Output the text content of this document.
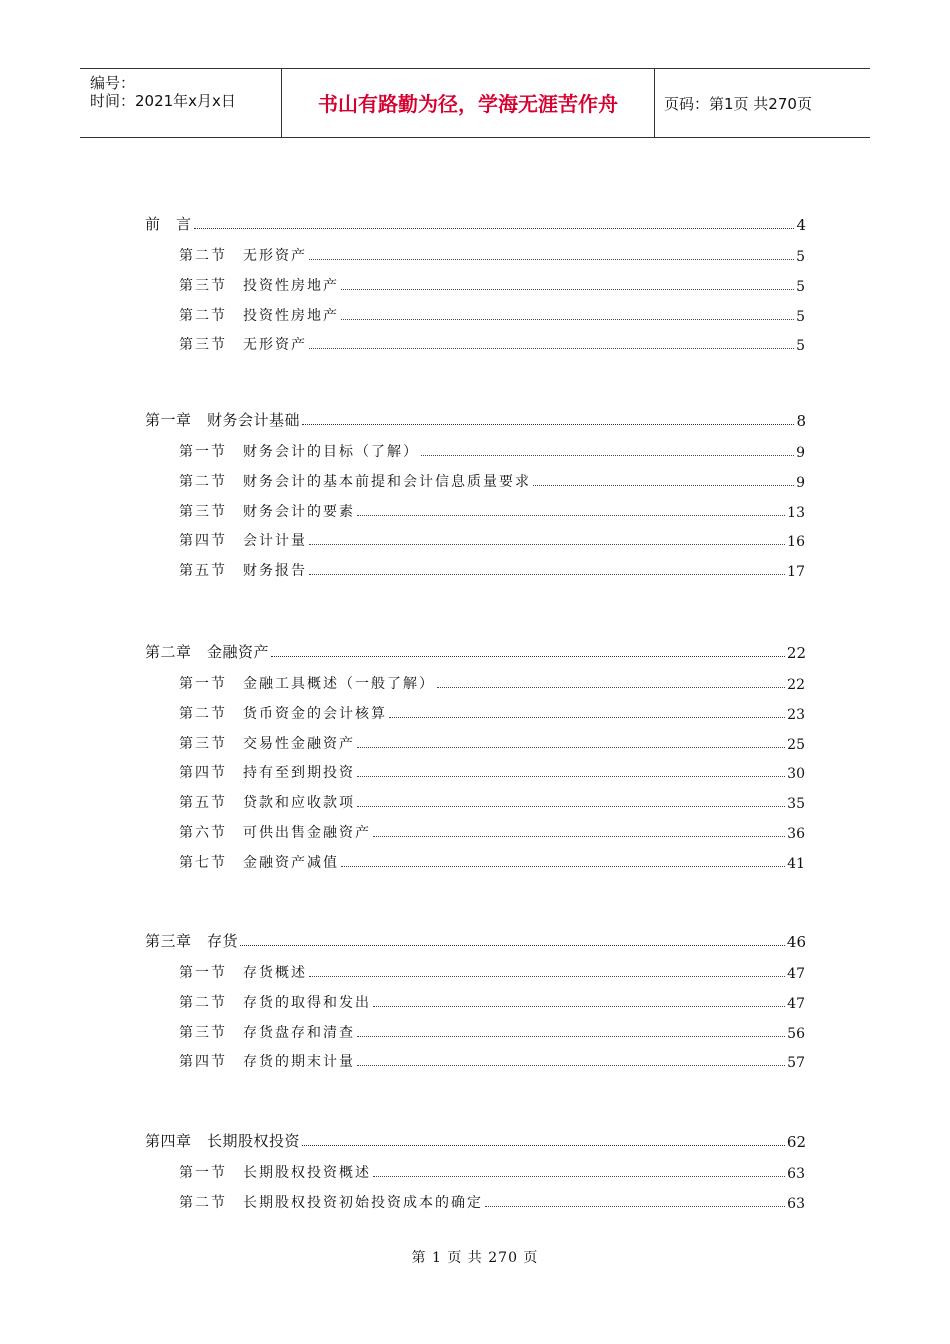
编号：
时间：2021年x月x日	书山有路勤为径，学海无涯苦作舟	页码：第1页 共270页
前　言	4
第二节 无形资产	5
第三节 投资性房地产	5
第二节 投资性房地产	5
第三节 无形资产	5
第一章　财务会计基础	8
第一节 财务会计的目标（了解）	9
第二节 财务会计的基本前提和会计信息质量要求	9
第三节 财务会计的要素	13
第四节 会计计量	16
第五节 财务报告	17
第二章　金融资产	22
第一节 金融工具概述（一般了解）	22
第二节 货币资金的会计核算	23
第三节 交易性金融资产	25
第四节 持有至到期投资	30
第五节 贷款和应收款项	35
第六节 可供出售金融资产	36
第七节 金融资产减值	41
第三章　存货	46
第一节 存货概述	47
第二节 存货的取得和发出	47
第三节 存货盘存和清查	56
第四节 存货的期末计量	57
第四章　长期股权投资	62
第一节 长期股权投资概述	63
第二节 长期股权投资初始投资成本的确定	63
第 1 页 共 270 页
